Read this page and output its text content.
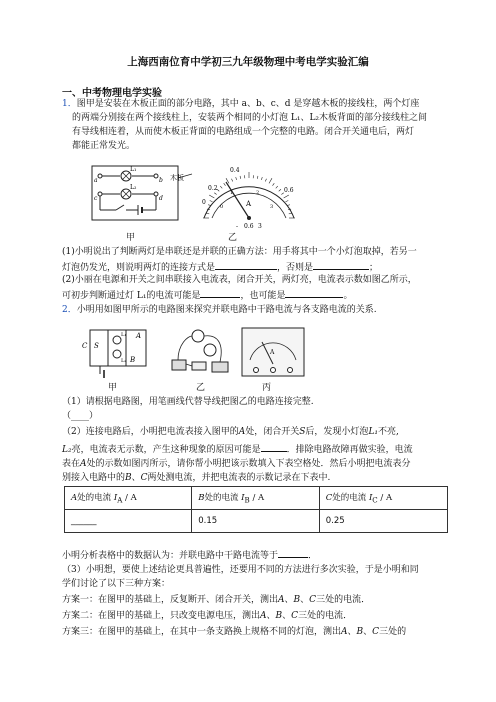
上海西南位育中学初三九年级物理中考电学实验汇编
一、中考物理电学实验
1．图甲是安装在木板正面的部分电路，其中 a、b、c、d 是穿越木板的接线柱，两个灯座
的两端分别接在两个接线柱上，安装两个相同的小灯泡 L₁、L₂木板背面的部分接线柱之间
有导线相连着，从而使木板正背面的电路组成一个完整的电路。闭合开关通电后，两灯
都能正常发光。
a
c
b
d
L₁
L₂
木板
甲
0.2
0.4
0
0.6
0
1	2
3
A
- 0.6 3
乙
(1)小明说出了判断两灯是串联还是并联的正确方法：用手将其中一个小灯泡取掉，若另一
灯泡仍发光，则说明两灯的连接方式是	，否则是	；
(2)小丽在电源和开关之间串联接入电流表，闭合开关，两灯亮，电流表示数如图乙所示，
可初步判断通过灯 L₁的电流可能是	，也可能是	。
2．小明用如图甲所示的电路图来探究并联电路中干路电流与各支路电流的关系.
C S
A
B
L₁
L₂
甲	乙
A
丙
（1）请根据电路图，用笔画线代替导线把图乙的电路连接完整.
（____）
（2）连接电路后，小明把电流表接入图甲的A处，闭合开关S后，发现小灯泡L₁不亮,
L₂亮，电流表无示数，产生这种现象的原因可能是	．排除电路故障再做实验，电流
表在A处的示数如图丙所示，请你帮小明把该示数填入下表空格处．然后小明把电流表分
别接入电路中的B、C两处测电流，并把电流表的示数记录在下表中.
A处的电流 $I_A$ / A	B处的电流 $I_B$ / A	C处的电流 $I_C$ / A
______	0.15	0.25
小明分析表格中的数据认为：并联电路中干路电流等于	．
（3）小明想，要使上述结论更具普遍性，还要用不同的方法进行多次实验，于是小明和同
学们讨论了以下三种方案：
方案一：在图甲的基础上，反复断开、闭合开关，测出A、B、C三处的电流．
方案二：在图甲的基础上，只改变电源电压，测出A、B、C三处的电流．
方案三：在图甲的基础上，在其中一条支路换上规格不同的灯泡，测出A、B、C三处的
